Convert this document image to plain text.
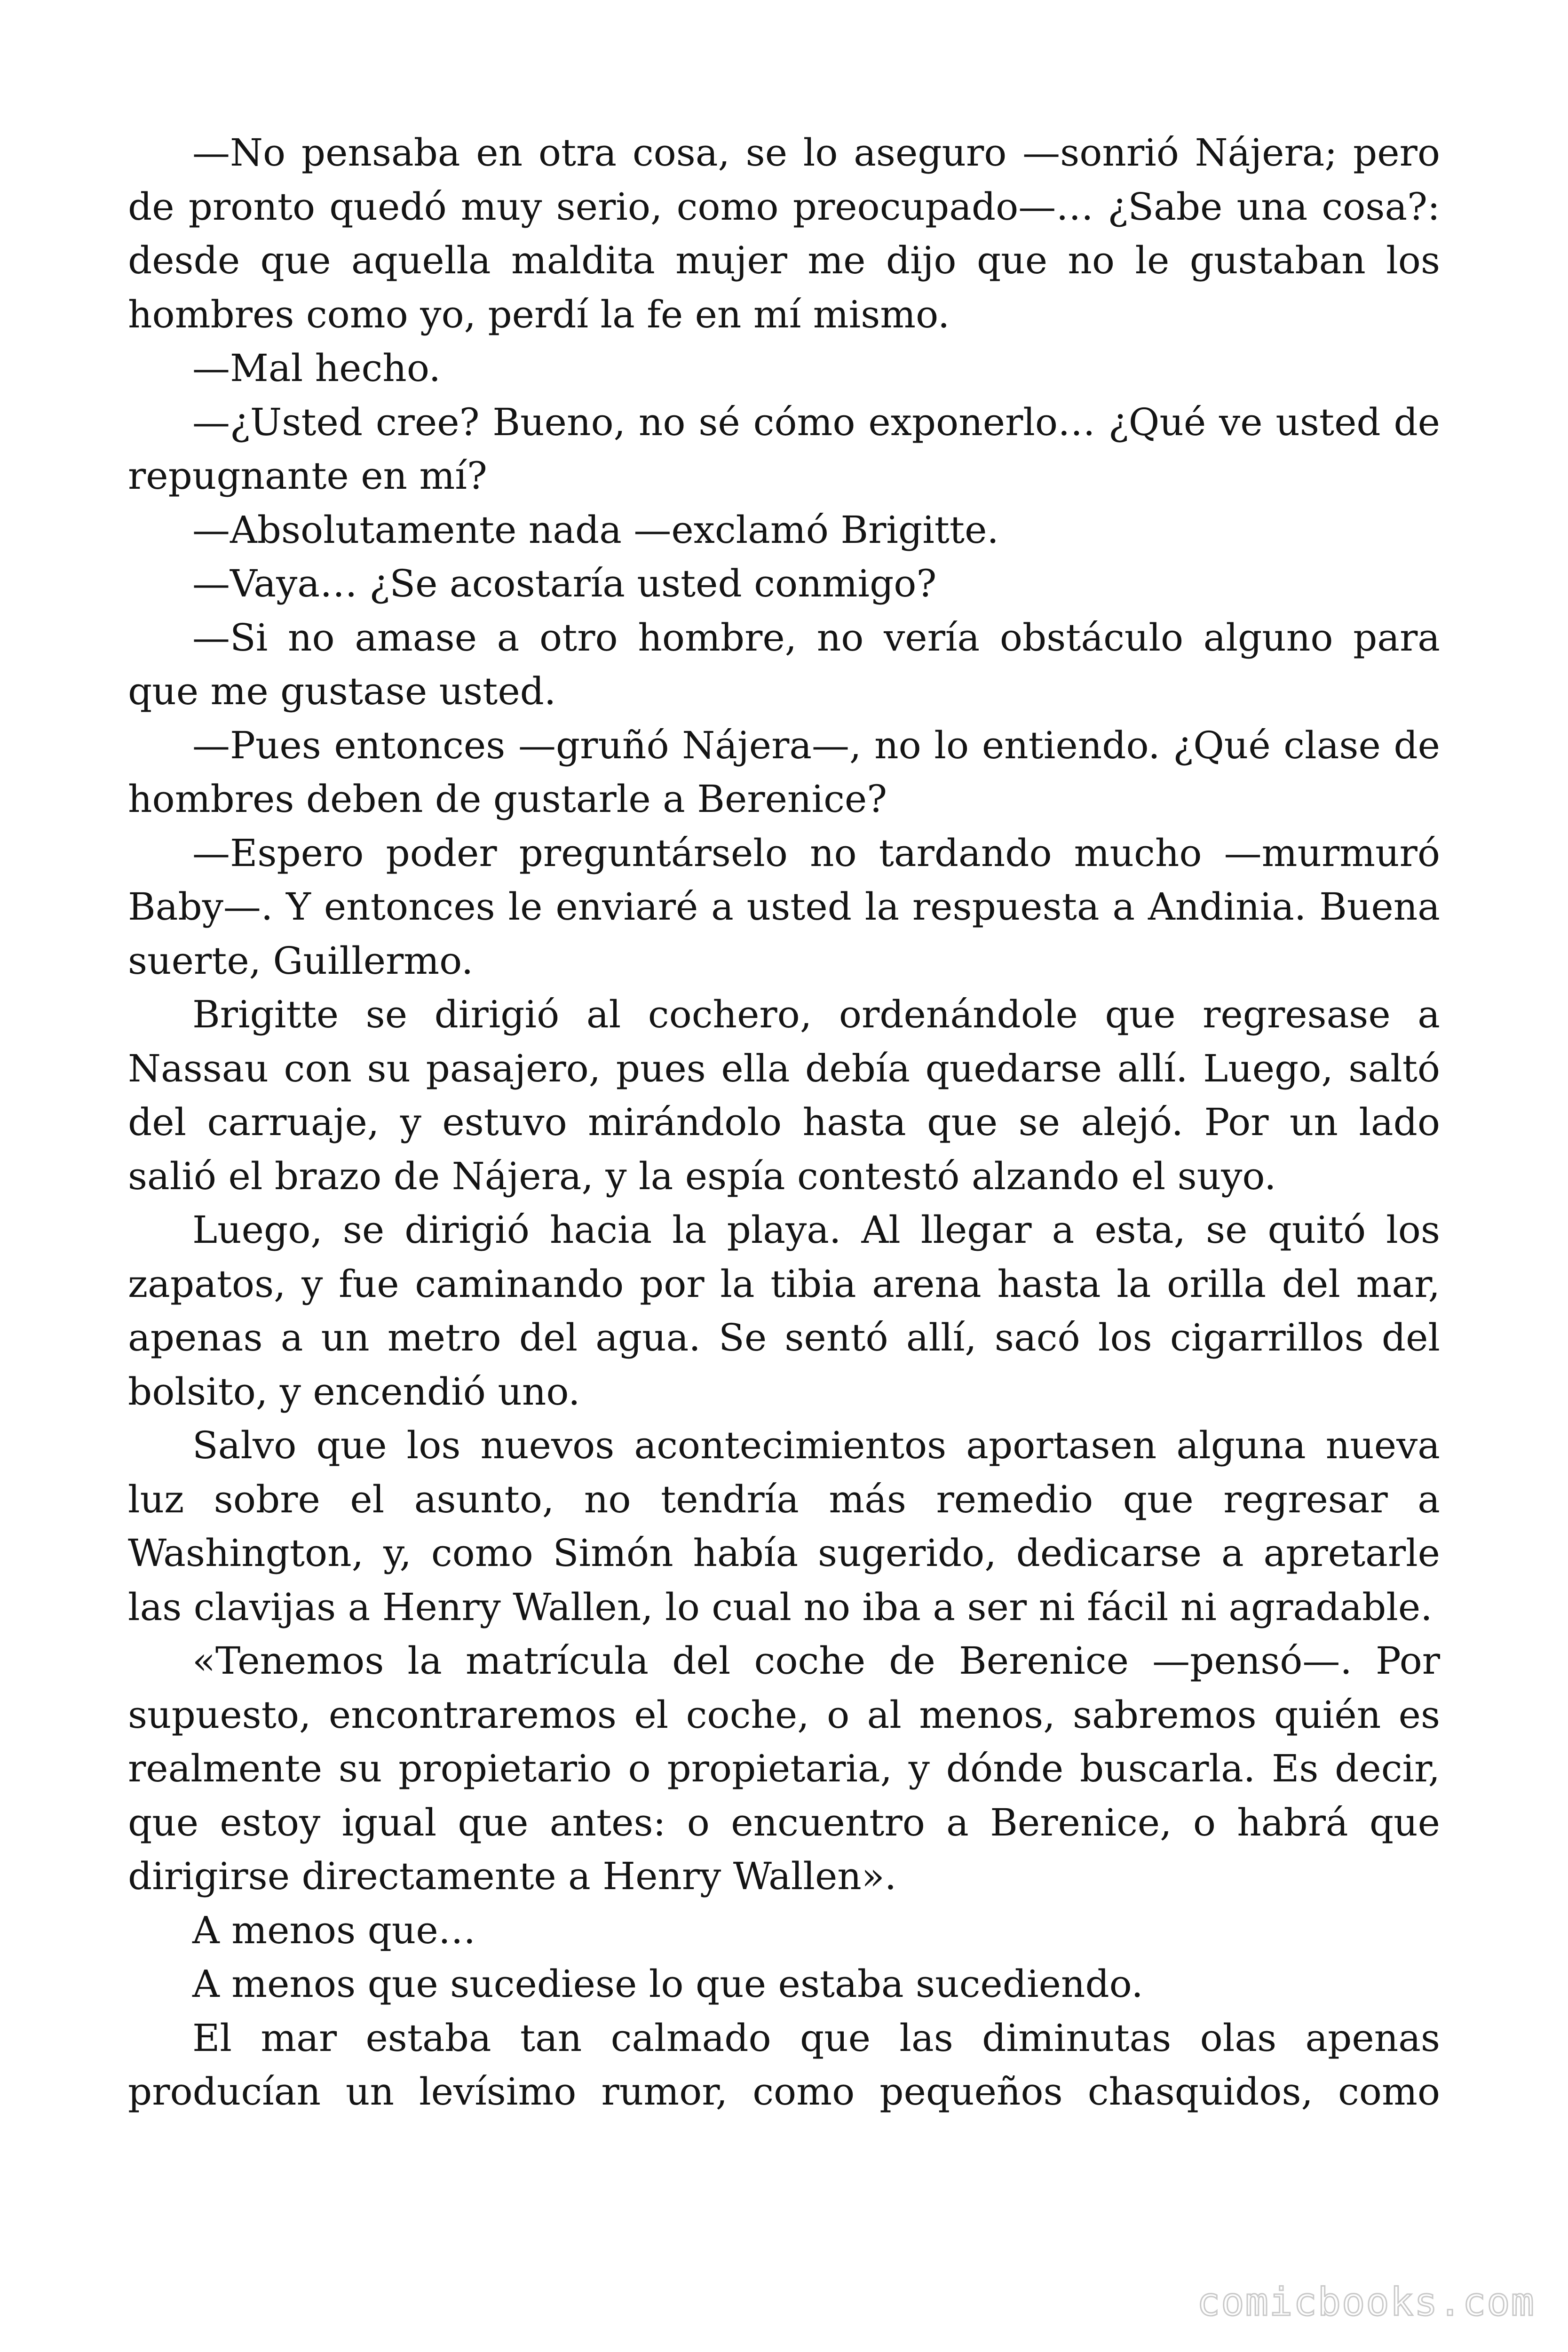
—No pensaba en otra cosa, se lo aseguro —sonrió Nájera; pero de pronto quedó muy serio, como preocupado—… ¿Sabe una cosa?: desde que aquella maldita mujer me dijo que no le gustaban los hombres como yo, perdí la fe en mí mismo.

—Mal hecho.

—¿Usted cree? Bueno, no sé cómo exponerlo… ¿Qué ve usted de repugnante en mí?

—Absolutamente nada —exclamó Brigitte.

—Vaya… ¿Se acostaría usted conmigo?

—Si no amase a otro hombre, no vería obstáculo alguno para que me gustase usted.

—Pues entonces —gruñó Nájera—, no lo entiendo. ¿Qué clase de hombres deben de gustarle a Berenice?

—Espero poder preguntárselo no tardando mucho —murmuró Baby—. Y entonces le enviaré a usted la respuesta a Andinia. Buena suerte, Guillermo.

Brigitte se dirigió al cochero, ordenándole que regresase a Nassau con su pasajero, pues ella debía quedarse allí. Luego, saltó del carruaje, y estuvo mirándolo hasta que se alejó. Por un lado salió el brazo de Nájera, y la espía contestó alzando el suyo.

Luego, se dirigió hacia la playa. Al llegar a esta, se quitó los zapatos, y fue caminando por la tibia arena hasta la orilla del mar, apenas a un metro del agua. Se sentó allí, sacó los cigarrillos del bolsito, y encendió uno.

Salvo que los nuevos acontecimientos aportasen alguna nueva luz sobre el asunto, no tendría más remedio que regresar a Washington, y, como Simón había sugerido, dedicarse a apretarle las clavijas a Henry Wallen, lo cual no iba a ser ni fácil ni agradable.

«Tenemos la matrícula del coche de Berenice —pensó—. Por supuesto, encontraremos el coche, o al menos, sabremos quién es realmente su propietario o propietaria, y dónde buscarla. Es decir, que estoy igual que antes: o encuentro a Berenice, o habrá que dirigirse directamente a Henry Wallen».

A menos que…

A menos que sucediese lo que estaba sucediendo.

El mar estaba tan calmado que las diminutas olas apenas producían un levísimo rumor, como pequeños chasquidos, como

comicbooks.com
